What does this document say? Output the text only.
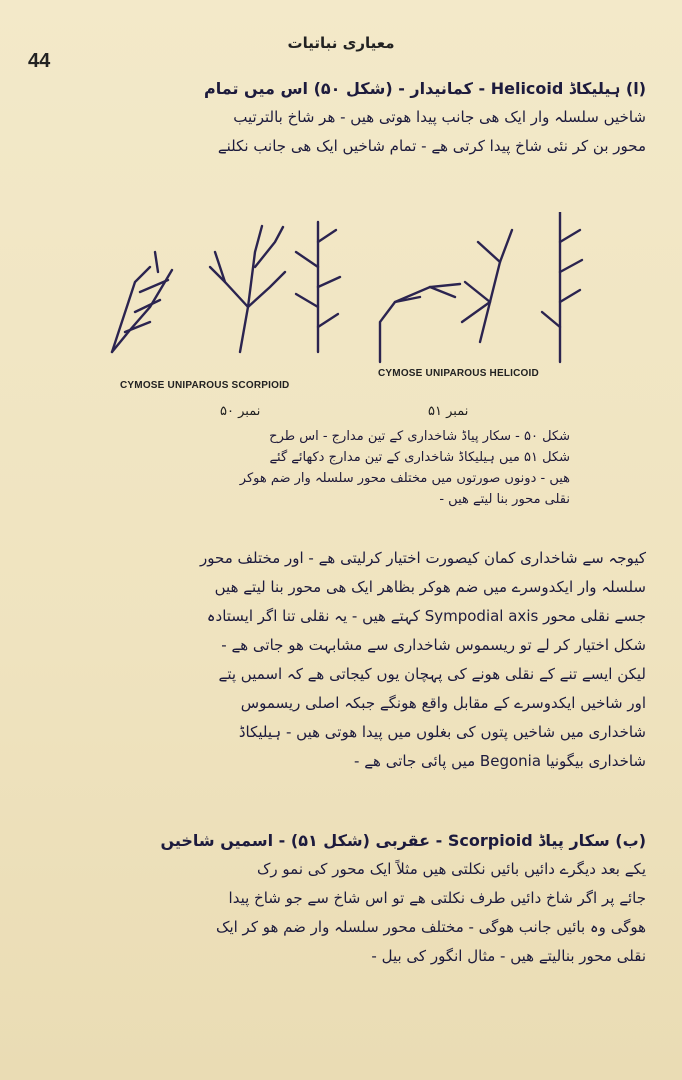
44
معیاری نباتیات
(ا) ہیلیکاڈ Helicoid - کمانیدار - (شکل ۵۰) اس میں تمام
شاخیں سلسلہ وار ایک ھی جانب پیدا ھوتی ھیں - ھر شاخ بالترتیب
محور بن کر نئی شاخ پیدا کرتی ھے - تمام شاخیں ایک ھی جانب نکلنے
CYMOSE UNIPAROUS SCORPIOID
CYMOSE UNIPAROUS HELICOID
نمبر ۵۰	نمبر ۵۱
شکل ۵۰ - سکار پیاڈ شاخداری کے تین مدارج - اس طرح
شکل ۵۱ میں ہیلیکاڈ شاخداری کے تین مدارج دکھائے گئے
ھیں - دونوں صورتوں میں مختلف محور سلسلہ وار ضم ھوکر
نقلی محور بنا لیتے ھیں -
کیوجہ سے شاخداری کمان کیصورت اختیار کرلیتی ھے - اور مختلف محور
سلسلہ وار ایکدوسرے میں ضم ھوکر بظاھر ایک ھی محور بنا لیتے ھیں
جسے نقلی محور Sympodial axis کہتے ھیں - یہ نقلی تنا اگر ایستادہ
شکل اختیار کر لے تو ریسموس شاخداری سے مشابہت ھو جاتی ھے -
لیکن ایسے تنے کے نقلی ھونے کی پہچان یوں کیجاتی ھے کہ اسمیں پتے
اور شاخیں ایکدوسرے کے مقابل واقع ھونگے جبکہ اصلی ریسموس
شاخداری میں شاخیں پتوں کی بغلوں میں پیدا ھوتی ھیں - ہیلیکاڈ
شاخداری بیگونیا Begonia میں پائی جاتی ھے -
(ب) سکار پیاڈ Scorpioid - عقربی (شکل ۵۱) - اسمیں شاخیں
یکے بعد دیگرے دائیں بائیں نکلتی ھیں مثلاً ایک محور کی نمو رک
جائے پر اگر شاخ دائیں طرف نکلتی ھے تو اس شاخ سے جو شاخ پیدا
ھوگی وہ بائیں جانب ھوگی - مختلف محور سلسلہ وار ضم ھو کر ایک
نقلی محور بنالیتے ھیں - مثال انگور کی بیل -
